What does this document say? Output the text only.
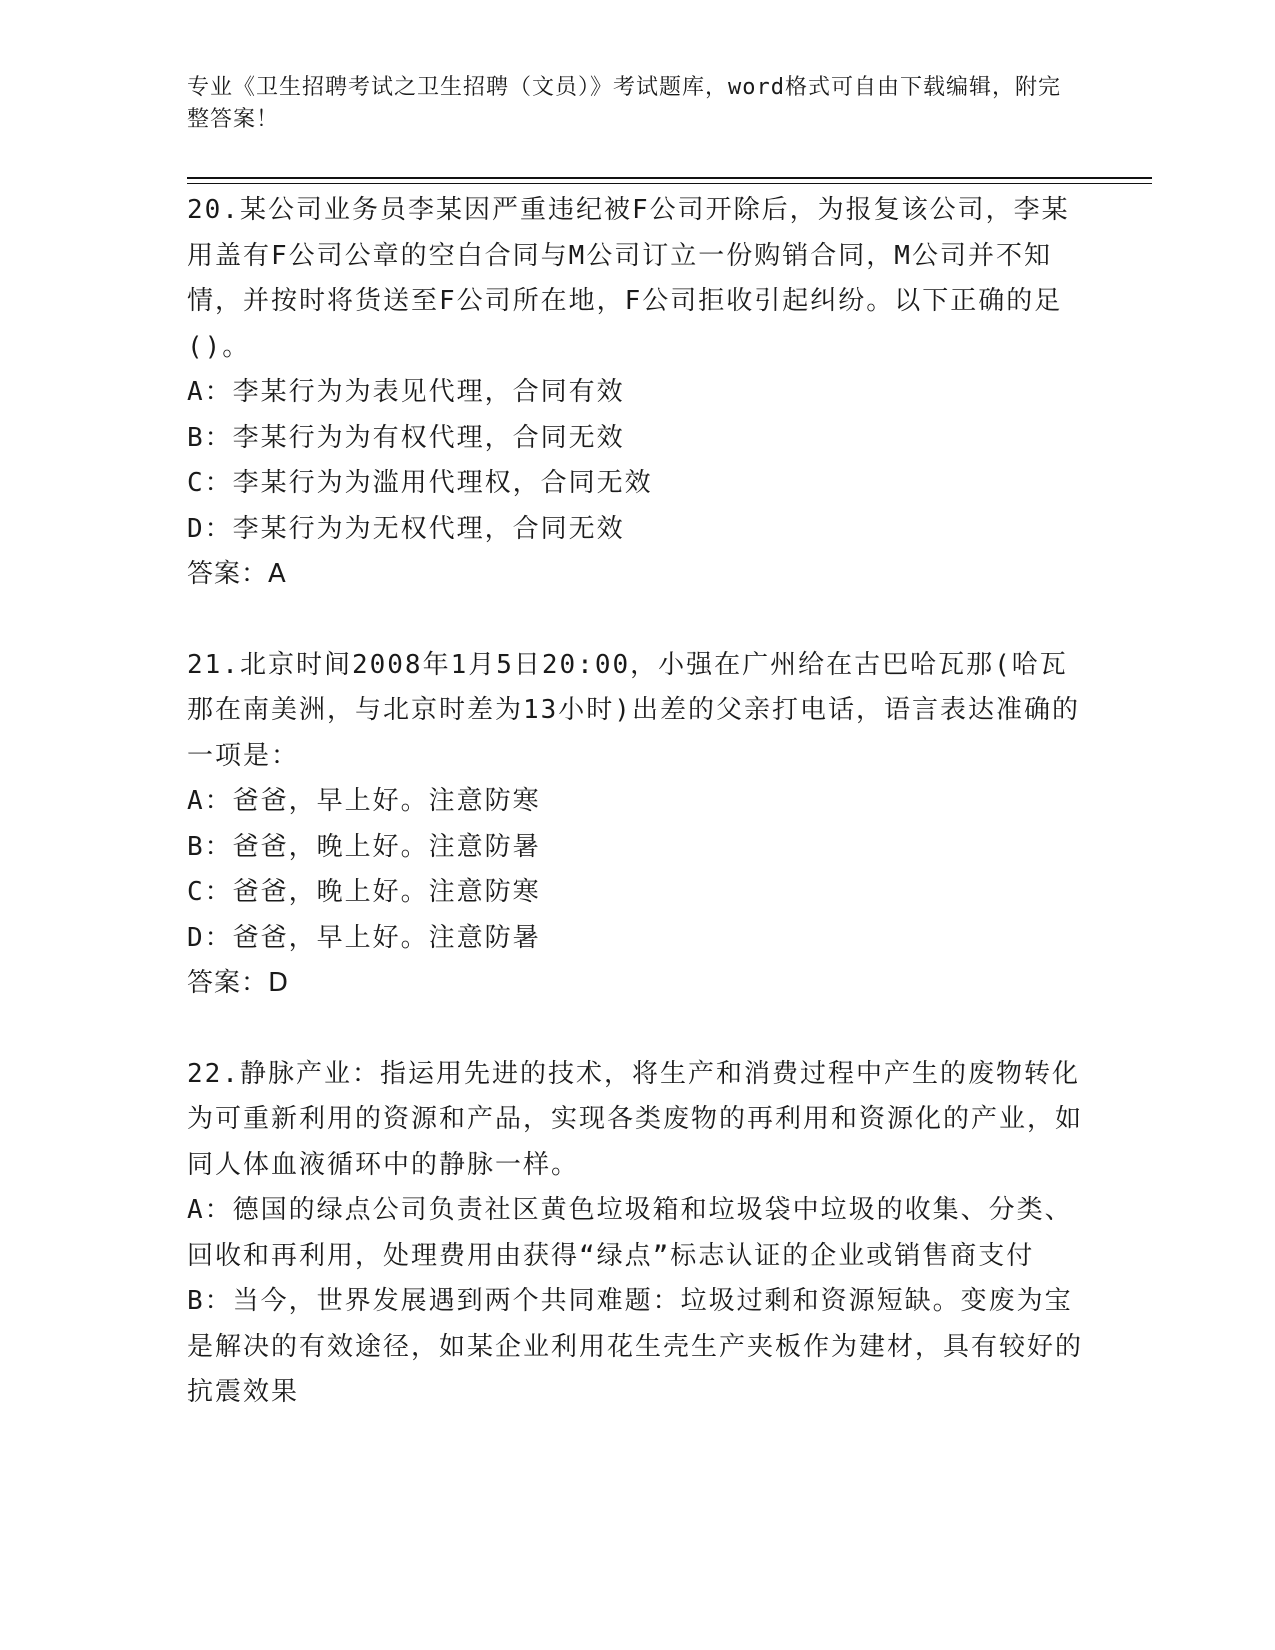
专业《卫生招聘考试之卫生招聘（文员）》考试题库，word格式可自由下载编辑，附完整答案！

20.某公司业务员李某因严重违纪被F公司开除后，为报复该公司，李某用盖有F公司公章的空白合同与M公司订立一份购销合同，M公司并不知情，并按时将货送至F公司所在地，F公司拒收引起纠纷。以下正确的足()。

A：李某行为为表见代理，合同有效

B：李某行为为有权代理，合同无效

C：李某行为为滥用代理权，合同无效

D：李某行为为无权代理，合同无效

答案：A

21.北京时间2008年1月5日20:00，小强在广州给在古巴哈瓦那(哈瓦那在南美洲，与北京时差为13小时)出差的父亲打电话，语言表达准确的一项是：

A：爸爸，早上好。注意防寒

B：爸爸，晚上好。注意防暑

C：爸爸，晚上好。注意防寒

D：爸爸，早上好。注意防暑

答案：D

22.静脉产业：指运用先进的技术，将生产和消费过程中产生的废物转化为可重新利用的资源和产品，实现各类废物的再利用和资源化的产业，如同人体血液循环中的静脉一样。

A：德国的绿点公司负责社区黄色垃圾箱和垃圾袋中垃圾的收集、分类、回收和再利用，处理费用由获得“绿点”标志认证的企业或销售商支付

B：当今，世界发展遇到两个共同难题：垃圾过剩和资源短缺。变废为宝是解决的有效途径，如某企业利用花生壳生产夹板作为建材，具有较好的抗震效果
